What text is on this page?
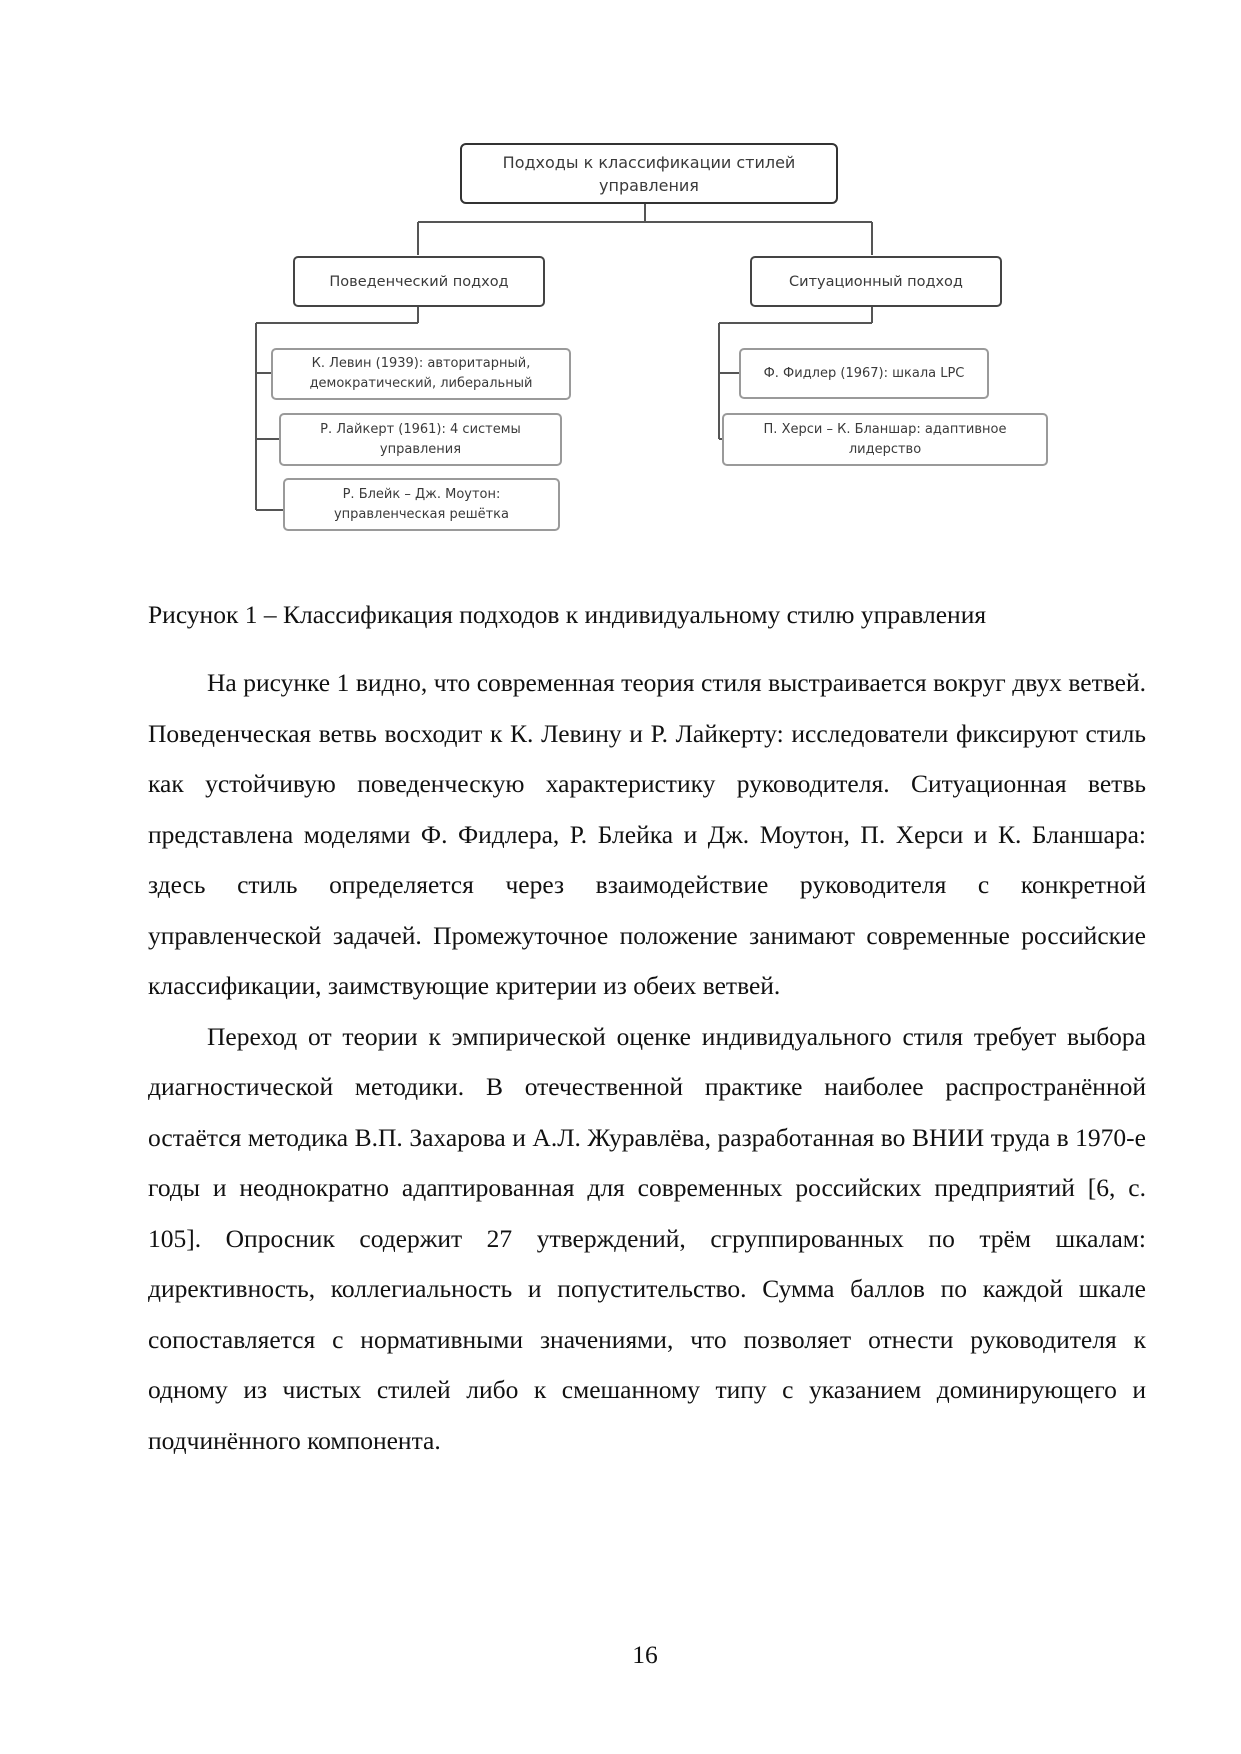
Подходы к классификации стилей
управления
Поведенческий подход	Ситуационный подход
К. Левин (1939): авторитарный,
демократический, либеральный
Р. Лайкерт (1961): 4 системы
управления
Р. Блейк – Дж. Моутон:
управленческая решётка
Ф. Фидлер (1967): шкала LPC
П. Херси – К. Бланшар: адаптивное
лидерство
Рисунок 1 – Классификация подходов к индивидуальному стилю управления

На рисунке 1 видно, что современная теория стиля выстраивается вокруг двух ветвей. Поведенческая ветвь восходит к К. Левину и Р. Лайкерту: исследователи фиксируют стиль как устойчивую поведенческую характеристику руководителя. Ситуационная ветвь представлена моделями Ф. Фидлера, Р. Блейка и Дж. Моутон, П. Херси и К. Бланшара: здесь стиль определяется через взаимодействие руководителя с конкретной управленческой задачей. Промежуточное положение занимают современные российские классификации, заимствующие критерии из обеих ветвей.

Переход от теории к эмпирической оценке индивидуального стиля требует выбора диагностической методики. В отечественной практике наиболее распространённой остаётся методика В.П. Захарова и А.Л. Журавлёва, разработанная во ВНИИ труда в 1970-е годы и неоднократно адаптированная для современных российских предприятий [6, с. 105]. Опросник содержит 27 утверждений, сгруппированных по трём шкалам: директивность, коллегиальность и попустительство. Сумма баллов по каждой шкале сопоставляется с нормативными значениями, что позволяет отнести руководителя к одному из чистых стилей либо к смешанному типу с указанием доминирующего и подчинённого компонента.

16
